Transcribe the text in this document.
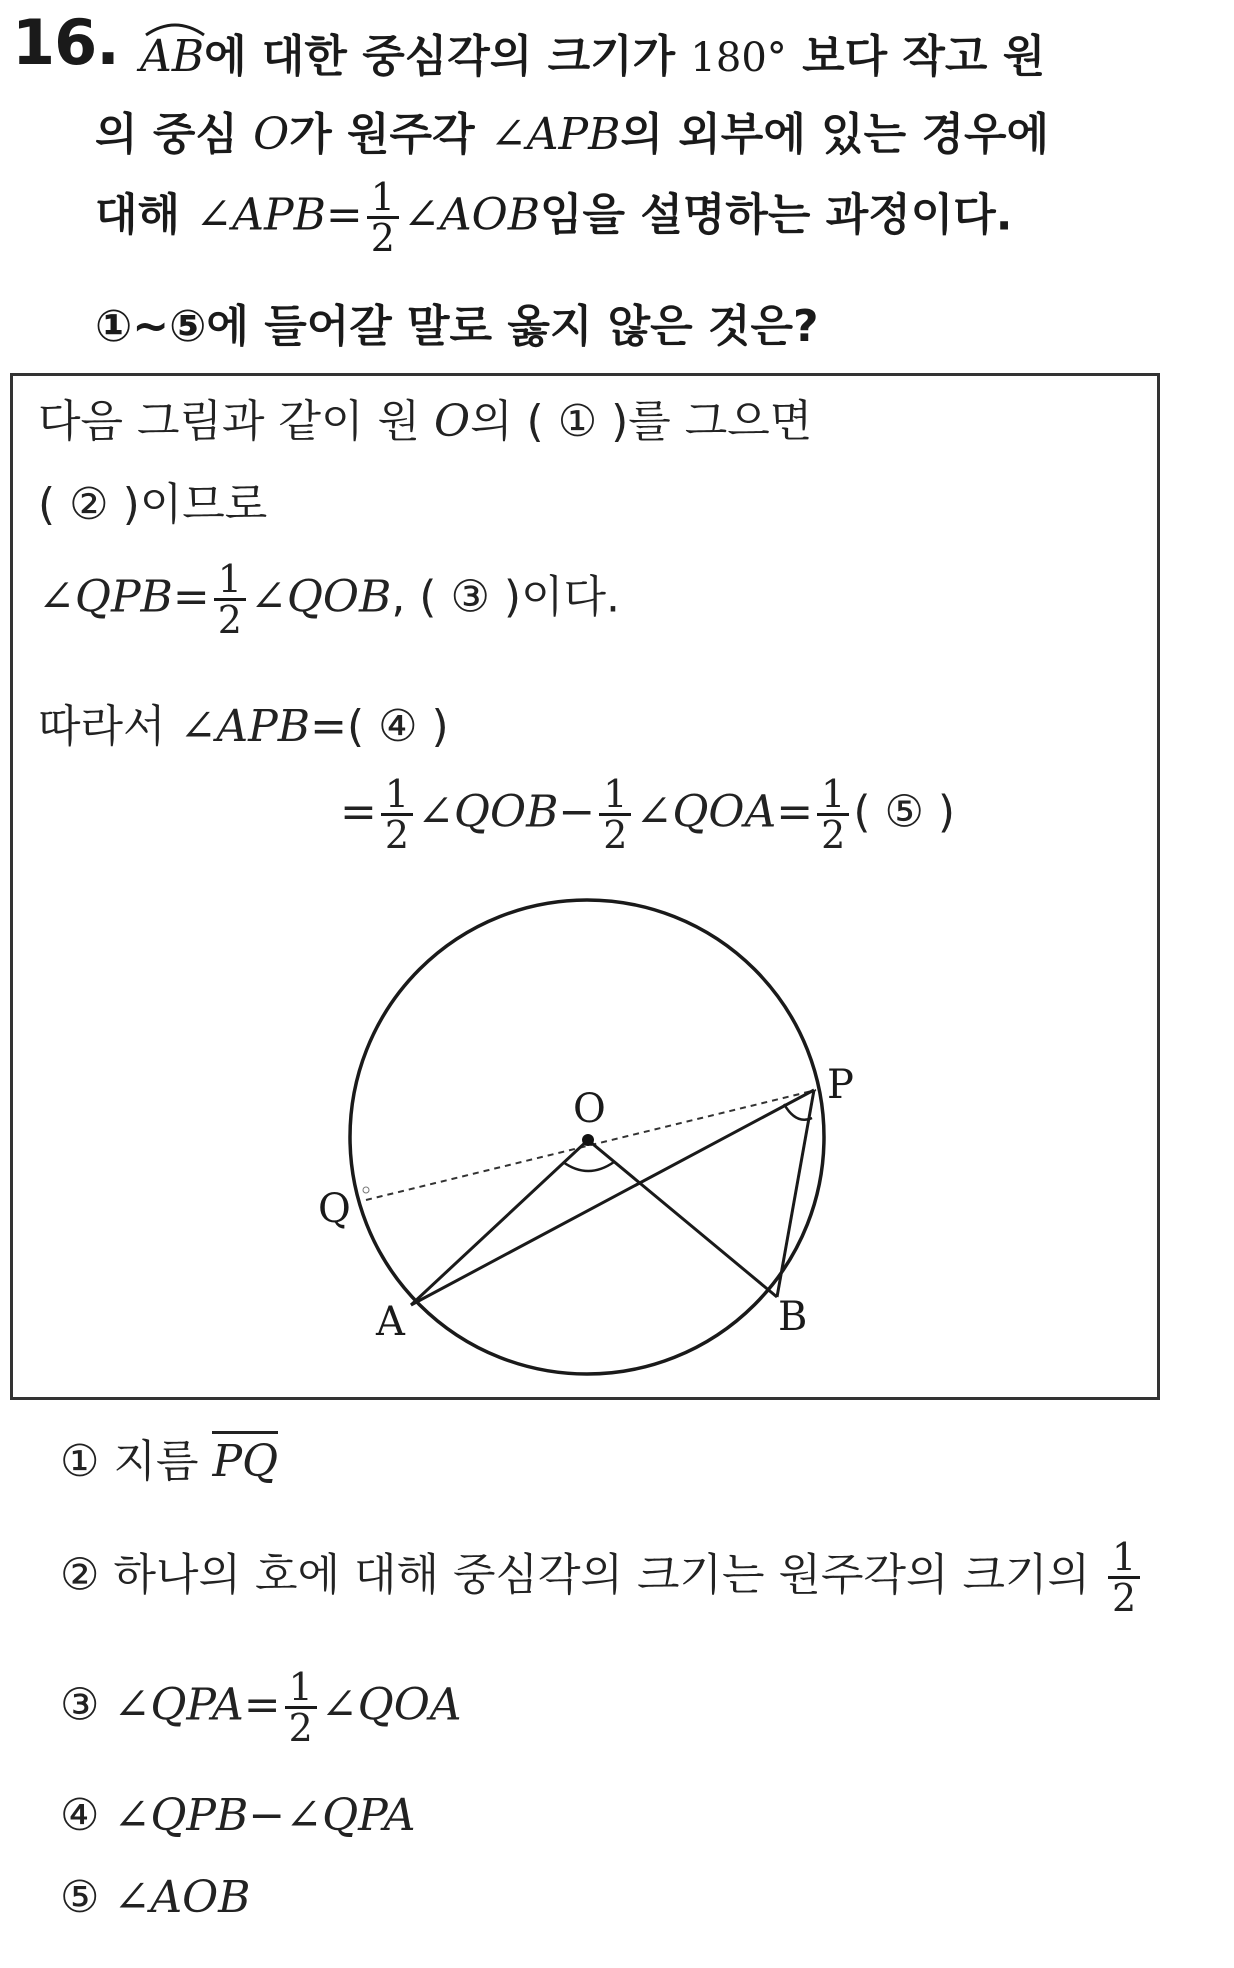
16. AB에 대한 중심각의 크기가 180° 보다 작고 원
의 중심 O가 원주각 ∠APB의 외부에 있는 경우에
대해 ∠APB= $\frac{1}{2}$ ∠AOB임을 설명하는 과정이다.
①~⑤에 들어갈 말로 옳지 않은 것은?
다음 그림과 같이 원 O의 ( ① )를 그으면
( ② )이므로
∠QPB= $\frac{1}{2}$ ∠QOB, ( ③ )이다.
따라서 ∠APB=( ④ )
= $\frac{1}{2}$ ∠QOB− $\frac{1}{2}$ ∠QOA= $\frac{1}{2}$ ( ⑤ )
O
P
Q
A	B
① 지름 PQ
② 하나의 호에 대해 중심각의 크기는 원주각의 크기의 $\frac{1}{2}$
③ ∠QPA= $\frac{1}{2}$ ∠QOA
④ ∠QPB−∠QPA
⑤ ∠AOB
